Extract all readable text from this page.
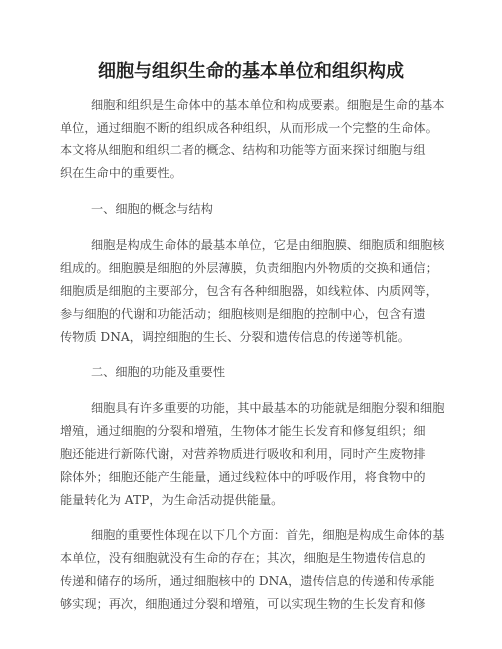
细胞与组织生命的基本单位和组织构成
细胞和组织是生命体中的基本单位和构成要素。细胞是生命的基本
单位，通过细胞不断的组织成各种组织，从而形成一个完整的生命体。
本文将从细胞和组织二者的概念、结构和功能等方面来探讨细胞与组
织在生命中的重要性。
一、细胞的概念与结构
细胞是构成生命体的最基本单位，它是由细胞膜、细胞质和细胞核
组成的。细胞膜是细胞的外层薄膜，负责细胞内外物质的交换和通信；
细胞质是细胞的主要部分，包含有各种细胞器，如线粒体、内质网等，
参与细胞的代谢和功能活动；细胞核则是细胞的控制中心，包含有遗
传物质 DNA，调控细胞的生长、分裂和遗传信息的传递等机能。
二、细胞的功能及重要性
细胞具有许多重要的功能，其中最基本的功能就是细胞分裂和细胞
增殖，通过细胞的分裂和增殖，生物体才能生长发育和修复组织；细
胞还能进行新陈代谢，对营养物质进行吸收和利用，同时产生废物排
除体外；细胞还能产生能量，通过线粒体中的呼吸作用，将食物中的
能量转化为 ATP，为生命活动提供能量。
细胞的重要性体现在以下几个方面：首先，细胞是构成生命体的基
本单位，没有细胞就没有生命的存在；其次，细胞是生物遗传信息的
传递和储存的场所，通过细胞核中的 DNA，遗传信息的传递和传承能
够实现；再次，细胞通过分裂和增殖，可以实现生物的生长发育和修
